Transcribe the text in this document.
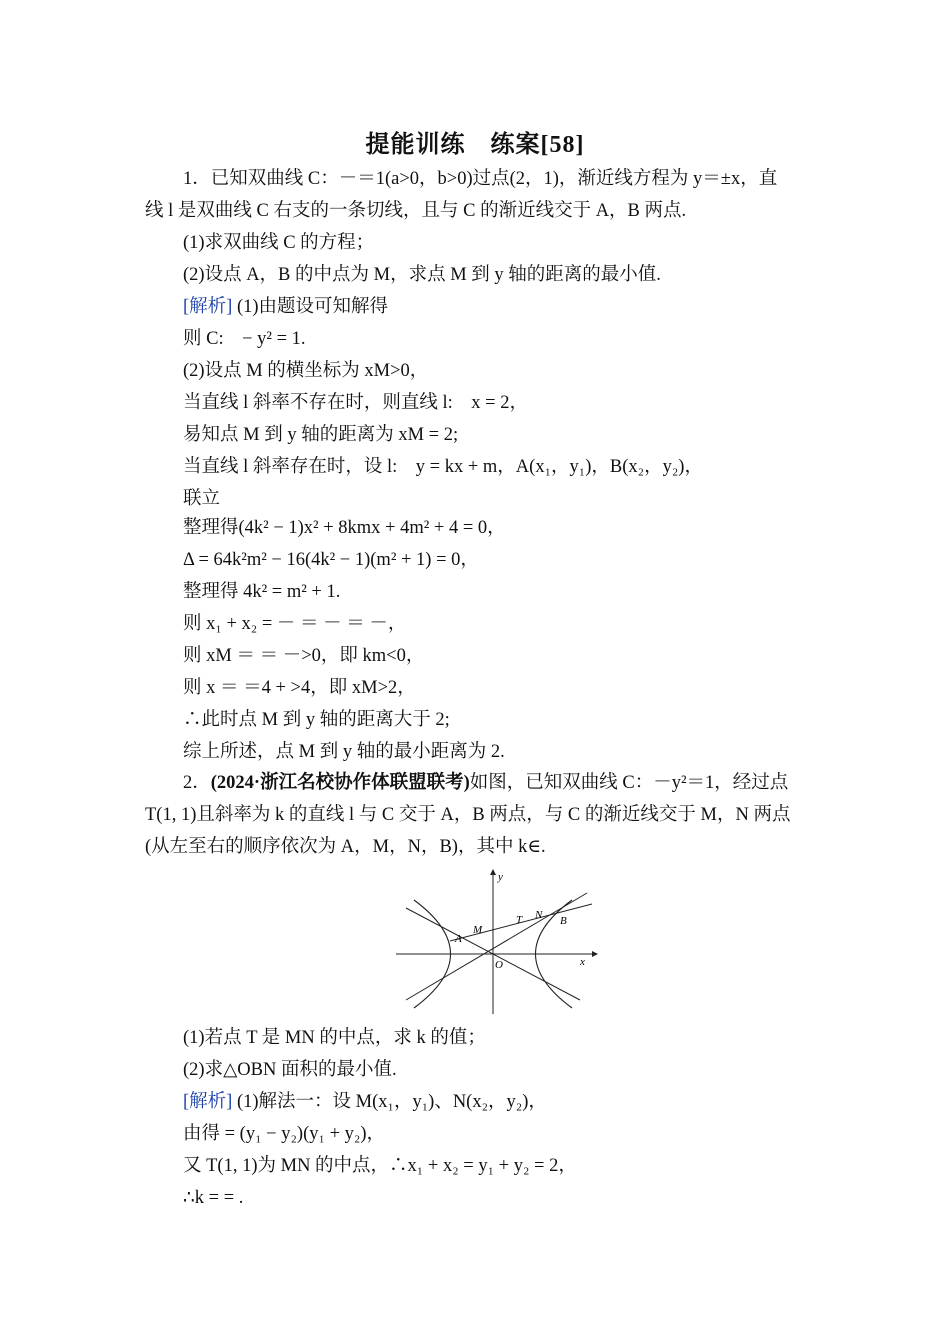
提能训练　练案[58]
1．已知双曲线 C：－＝1(a>0，b>0)过点(2，1)，渐近线方程为 y＝±x，直
线 l 是双曲线 C 右支的一条切线，且与 C 的渐近线交于 A，B 两点.
(1)求双曲线 C 的方程；
(2)设点 A，B 的中点为 M，求点 M 到 y 轴的距离的最小值.
[解析] (1)由题设可知解得
则 C:　− y² = 1.
(2)设点 M 的横坐标为 xM>0，
当直线 l 斜率不存在时，则直线 l:　x = 2，
易知点 M 到 y 轴的距离为 xM = 2;
当直线 l 斜率存在时，设 l:　y = kx + m，A(x₁，y₁)，B(x₂，y₂)，
联立
整理得(4k² − 1)x² + 8kmx + 4m² + 4 = 0，
Δ = 64k²m² − 16(4k² − 1)(m² + 1) = 0，
整理得 4k² = m² + 1.
则 x₁ + x₂ = － ＝ － ＝ －，
则 xM ＝ ＝ －>0，即 km<0，
则 x ＝ ＝4 + >4，即 xM>2，
∴此时点 M 到 y 轴的距离大于 2;
综上所述，点 M 到 y 轴的最小距离为 2.
2．(2024·浙江名校协作体联盟联考)如图，已知双曲线 C：－y²＝1，经过点
T(1, 1)且斜率为 k 的直线 l 与 C 交于 A，B 两点，与 C 的渐近线交于 M，N 两点
(从左至右的顺序依次为 A，M，N，B)，其中 k∈.
y
x
O
A
M
T N B
(1)若点 T 是 MN 的中点，求 k 的值；
(2)求△OBN 面积的最小值.
[解析] (1)解法一：设 M(x₁，y₁)、N(x₂，y₂)，
由得 = (y₁ − y₂)(y₁ + y₂)，
又 T(1, 1)为 MN 的中点，∴x₁ + x₂ = y₁ + y₂ = 2，
∴k = = .
